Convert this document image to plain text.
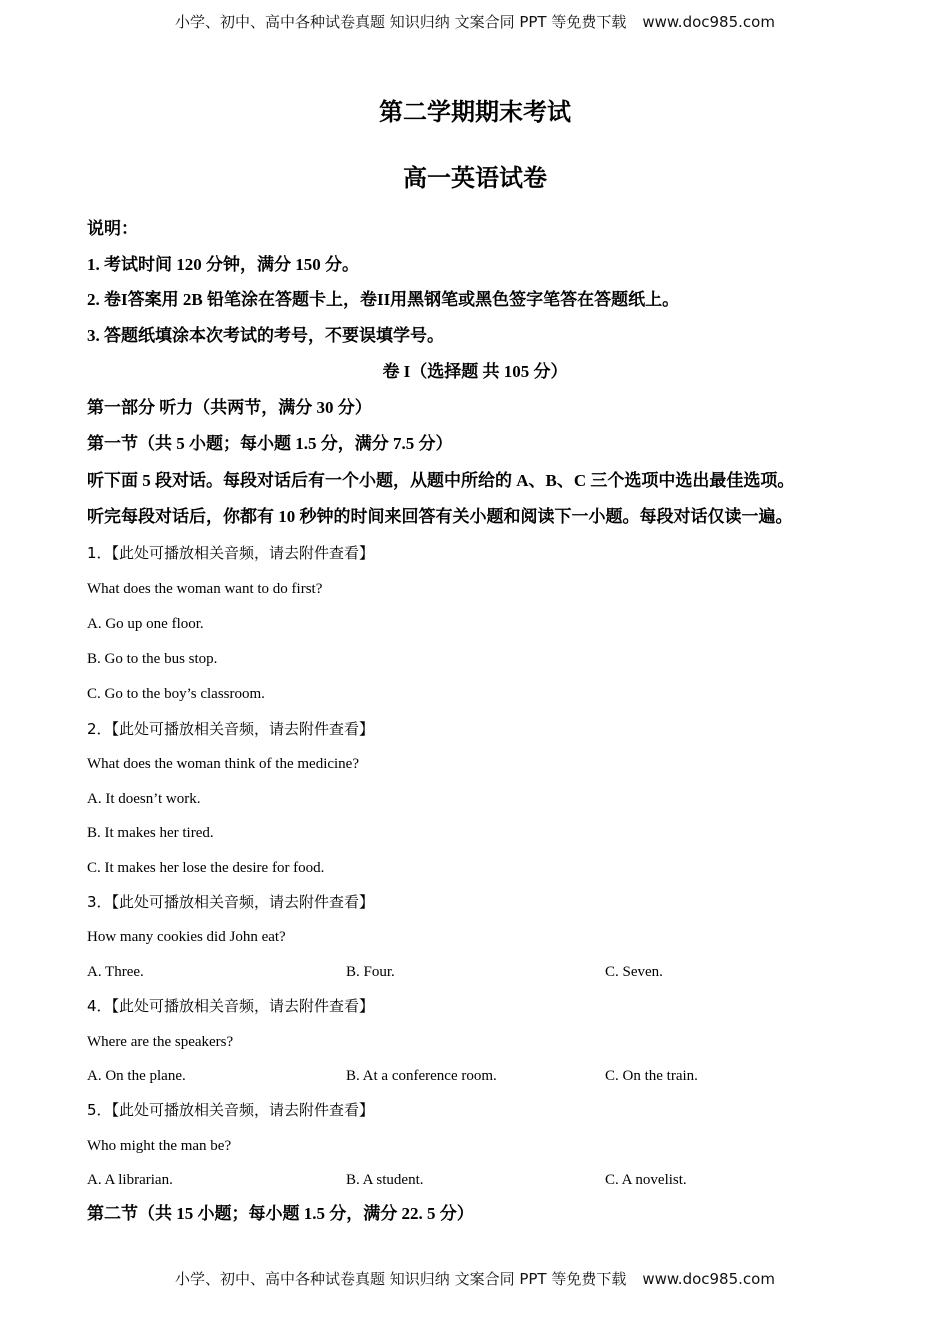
小学、初中、高中各种试卷真题 知识归纳 文案合同 PPT 等免费下载 www.doc985.com
第二学期期末考试
高一英语试卷
说明：
1. 考试时间 120 分钟，满分 150 分。
2. 卷I答案用 2B 铅笔涂在答题卡上，卷II用黑钢笔或黑色签字笔答在答题纸上。
3. 答题纸填涂本次考试的考号，不要误填学号。
卷 I（选择题 共 105 分）
第一部分 听力（共两节，满分 30 分）
第一节（共 5 小题；每小题 1.5 分，满分 7.5 分）
听下面 5 段对话。每段对话后有一个小题，从题中所给的 A、B、C 三个选项中选出最佳选项。
听完每段对话后，你都有 10 秒钟的时间来回答有关小题和阅读下一小题。每段对话仅读一遍。
1．【此处可播放相关音频，请去附件查看】
What does the woman want to do first?
A. Go up one floor.
B. Go to the bus stop.
C. Go to the boy’s classroom.
2．【此处可播放相关音频，请去附件查看】
What does the woman think of the medicine?
A. It doesn’t work.
B. It makes her tired.
C. It makes her lose the desire for food.
3．【此处可播放相关音频，请去附件查看】
How many cookies did John eat?
A. Three.	B. Four.	C. Seven.
4．【此处可播放相关音频，请去附件查看】
Where are the speakers?
A. On the plane.	B. At a conference room.	C. On the train.
5．【此处可播放相关音频，请去附件查看】
Who might the man be?
A. A librarian.	B. A student.	C. A novelist.
第二节（共 15 小题；每小题 1.5 分，满分 22. 5 分）
小学、初中、高中各种试卷真题 知识归纳 文案合同 PPT 等免费下载 www.doc985.com
